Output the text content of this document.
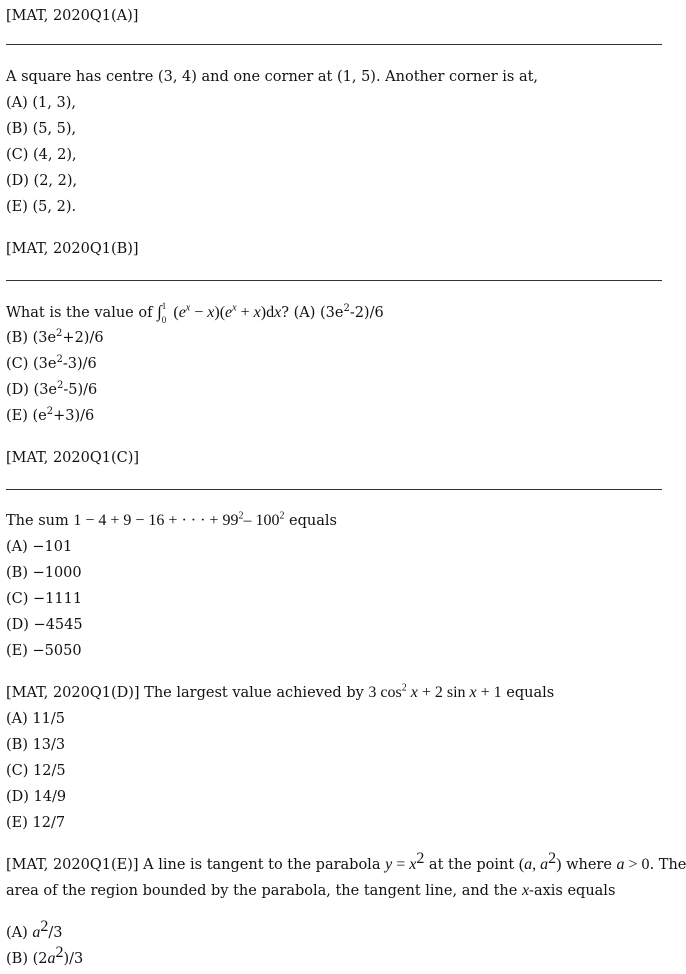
[MAT, 2020Q1(A)]
A square has centre (3, 4) and one corner at (1, 5). Another corner is at,
(A) (1, 3),
(B) (5, 5),
(C) (4, 2),
(D) (2, 2),
(E) (5, 2).
[MAT, 2020Q1(B)]
What is the value of ∫ 1
0 $(e^x - x)(e^x + x)dx$? (A) $(3e^2-2)/6$
(B) $(3e^2+2)/6$
(C) $(3e^2-3)/6$
(D) $(3e^2-5)/6$
(E) $(e^2+3)/6$
[MAT, 2020Q1(C)]
The sum 1 − 4 + 9 − 16 + · · · + $99^2-$ $100^2$ equals
(A) −101
(B) −1000
(C) −1111
(D) −4545
(E) −5050
[MAT, 2020Q1(D)] The largest value achieved by 3 $\cos^2 x + 2$ sin x + 1 equals
(A) 11/5
(B) 13/3
(C) 12/5
(D) 14/9
(E) 12/7
[MAT, 2020Q1(E)] A line is tangent to the parabola $y = x^2$ at the point (a, $a^2$) where a > 0. The
area of the region bounded by the parabola, the tangent line, and the x-axis equals
(A) $a^2/3$
(B) $(2a^2)/3$
